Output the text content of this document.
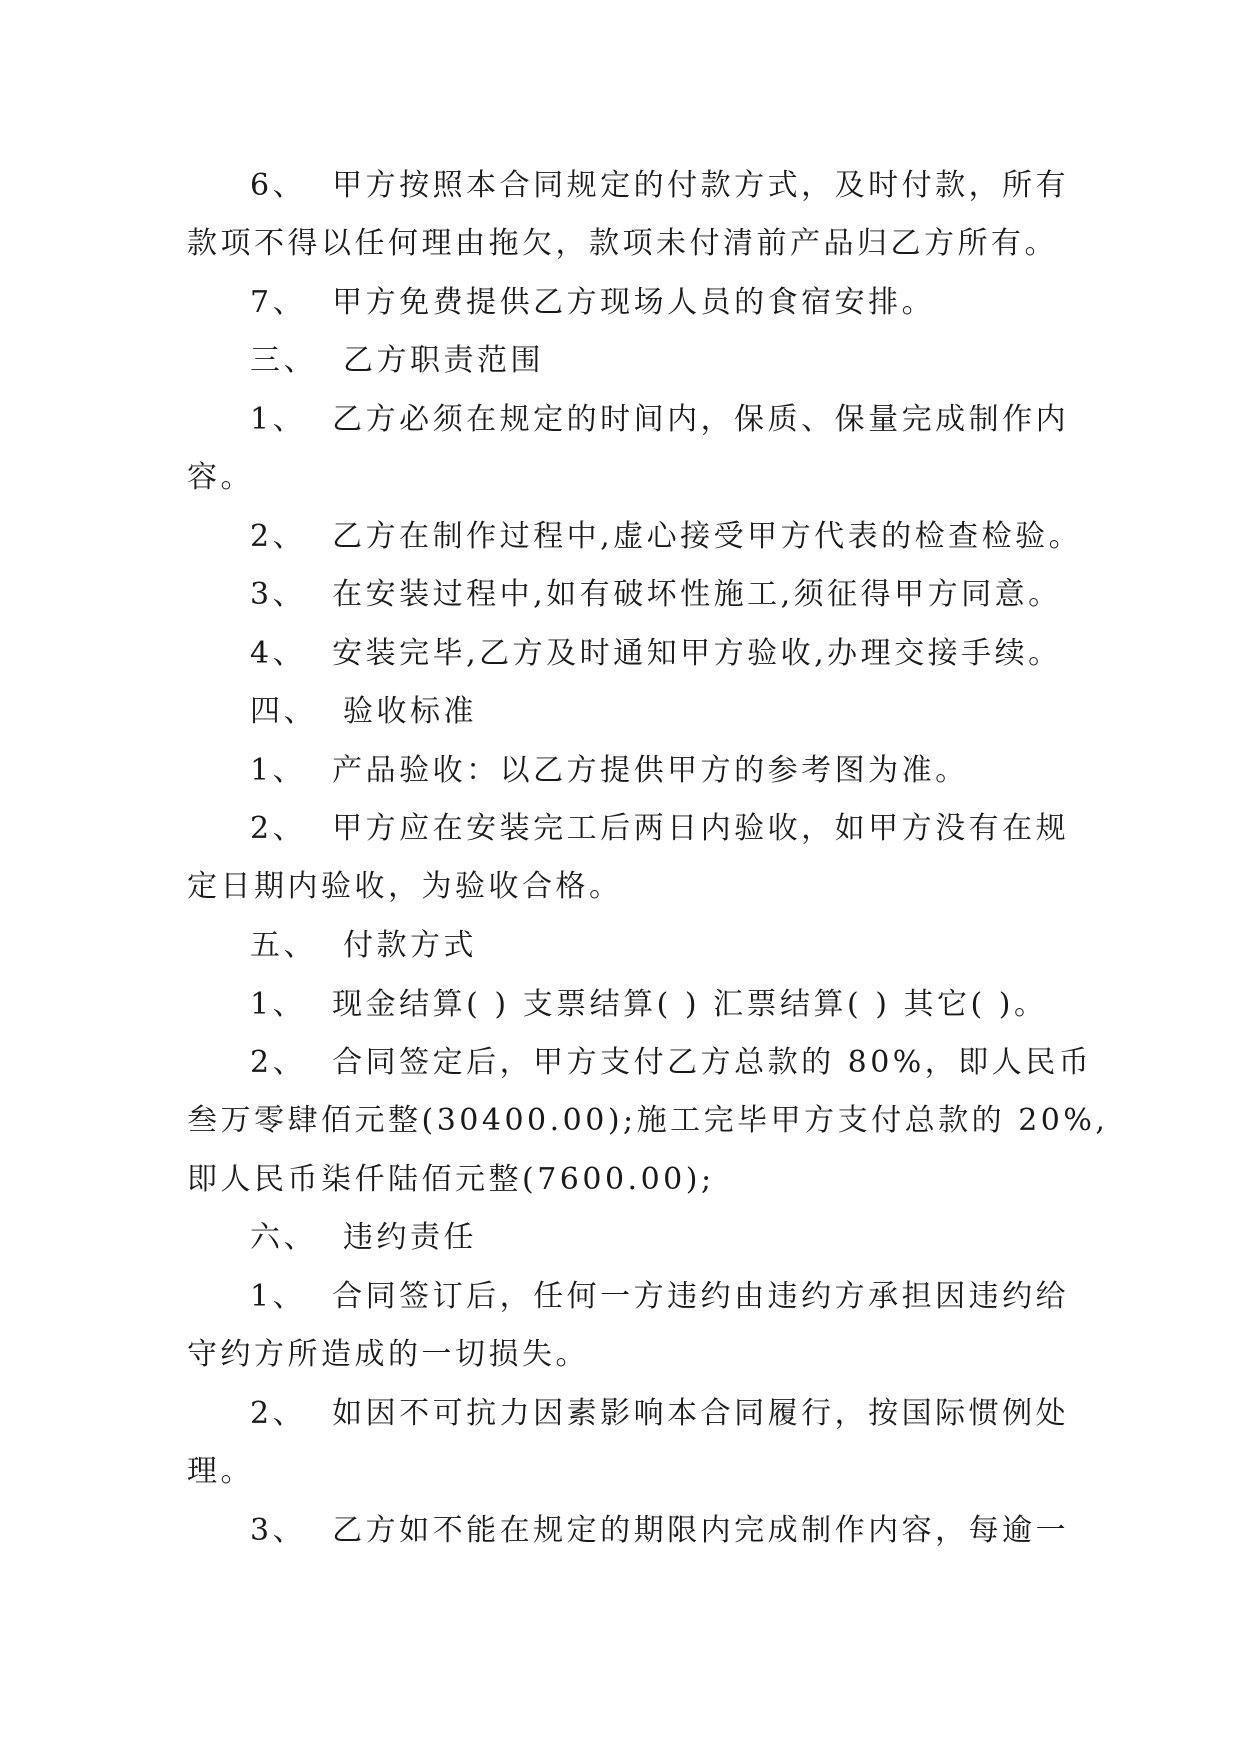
6、 甲方按照本合同规定的付款方式，及时付款，所有
款项不得以任何理由拖欠，款项未付清前产品归乙方所有。
7、 甲方免费提供乙方现场人员的食宿安排。
三、 乙方职责范围
1、 乙方必须在规定的时间内，保质、保量完成制作内
容。
2、 乙方在制作过程中,虚心接受甲方代表的检查检验。
3、 在安装过程中,如有破坏性施工,须征得甲方同意。
4、 安装完毕,乙方及时通知甲方验收,办理交接手续。
四、 验收标准
1、 产品验收：以乙方提供甲方的参考图为准。
2、 甲方应在安装完工后两日内验收，如甲方没有在规
定日期内验收，为验收合格。
五、 付款方式
1、 现金结算( ) 支票结算( ) 汇票结算( ) 其它( )。
2、 合同签定后，甲方支付乙方总款的 80%，即人民币
叁万零肆佰元整(30400.00);施工完毕甲方支付总款的 20%,
即人民币柒仟陆佰元整(7600.00);
六、 违约责任
1、 合同签订后，任何一方违约由违约方承担因违约给
守约方所造成的一切损失。
2、 如因不可抗力因素影响本合同履行，按国际惯例处
理。
3、 乙方如不能在规定的期限内完成制作内容，每逾一
